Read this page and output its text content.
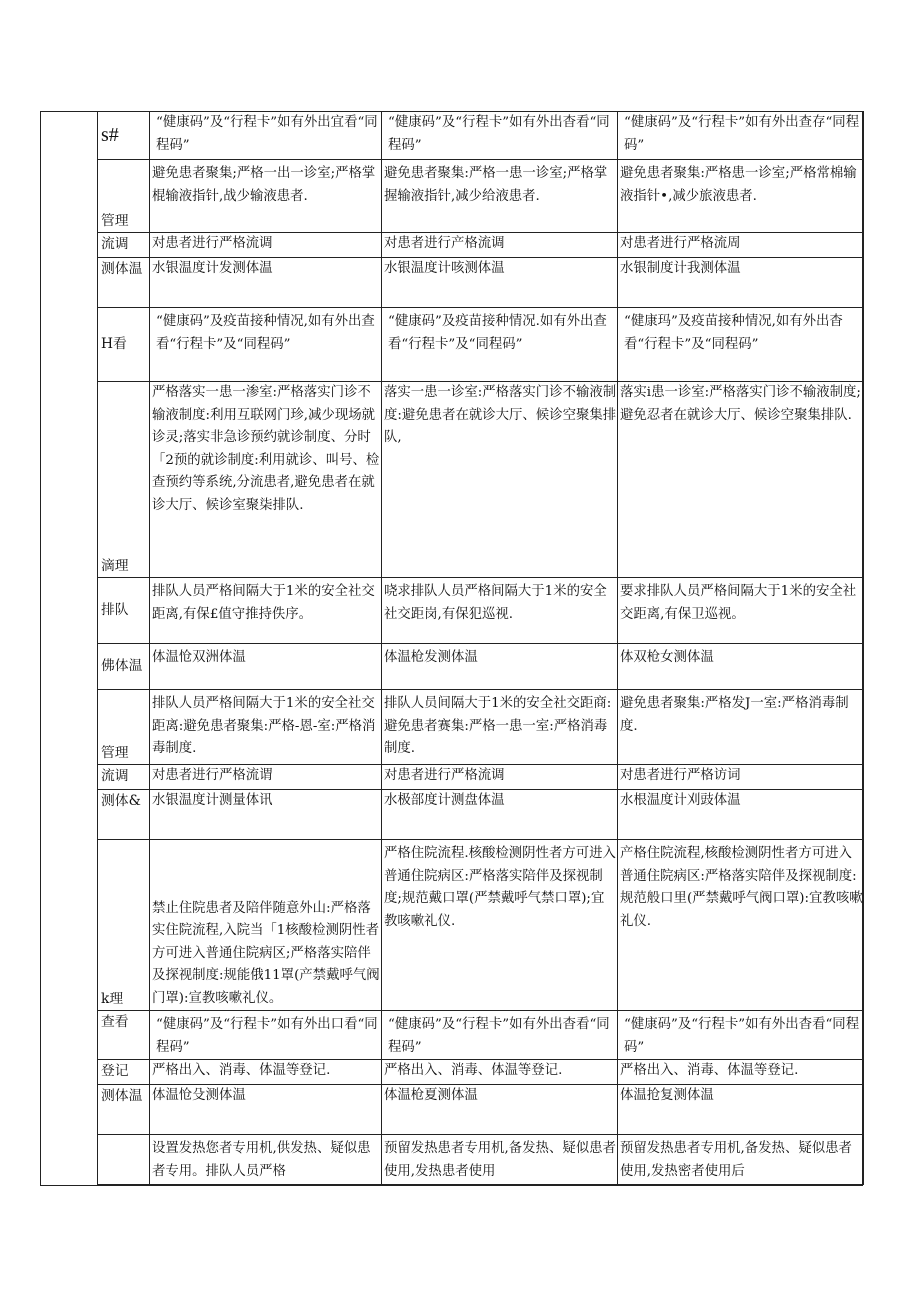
s#	“健康码”及“行程卡”如有外出宜看“同程码”	“健康码”及“行程卡”如有外出杳看“同程码”	“健康码”及“行程卡”如有外出查存“同程码”
管理	避免患者聚集;严格一出一诊室;严格掌棍输液指针,战少输液患者.	避免患者聚集:严格一患一诊室;严格掌握输液指针,减少给液患者.	避免患者聚集:严格患一诊室;严格常棉输液指针•,减少旅液患者.
流调	对患者进行严格流调	对患者进行产格流调	对患者进行严格流周
测体温	水银温度计发测体温	水银温度计咳测体温	水银制度计我测体温
H看	“健康码”及疫苗接种情况,如有外出查看“行程卡”及“同程码”	“健康码”及疫苗接种情况.如有外出查看“行程卡”及“同程码”	“健康玛”及疫苗接种情况,如有外出杳看“行程卡”及“同程码”
滴理	严格落实一患一渗室:严格落实门诊不输液制度:利用互联网门珍,减少现场就诊灵;落实非急诊预约就诊制度、分时「2预的就诊制度:利用就诊、叫号、检查预约等系统,分流患者,避免患者在就诊大厅、候诊室聚柒排队.	落实一患一诊室:严格落实门诊不输液制度:避免患者在就诊大厅、候诊空聚集排队,	落实i患一诊室:严格落实门诊不输液制度;避免忍者在就诊大厅、候诊空聚集排队.
排队	排队人员严格间隔大于1米的安全社交距离,有保£值守推持佚序。	哓求排队人员严格间隔大于1米的安全社交距岗,有保犯巡视.	要求排队人员严格间隔大于1米的安全社交距离,有保卫巡视。
佛体温	体温怆双洲体温	体温枪发测体温	体双枪女测体温
管理	排队人员严格间隔大于1米的安全社交距离:避免患者聚集:严格-恩-室:严格消毒制度.	排队人员间隔大于1米的安全社交距商:避免患者赛集:严格一患一室:严格消毒制度.	避免患者聚集:严格发J一室:严格消毒制度.
流调	对患者进行严格流谓	对患者进行严格流调	对患者进行严格访词
测体&	水银温度计测量体讯	水极部度计测盘体温	水根温度计刈豉体温
k理	禁止住院患者及陪伴随意外山:严格落实住院流程,入院当「1核酸检测阴性者方可进入普通住院病区;严格落实陪伴及探视制度:规能俄11罩(产禁戴呼气阀门罩):宣教咳嗽礼仪。	严格住院流程.核酸检测阴性者方可进入普通住院病区:严格落实陪伴及探视制度;规范戴口罩(严禁戴呼气禁口罩);宜教咳嗽礼仪.	产格住院流程,核酸检测阴性者方可进入普通住院病区:严格落实陪伴及探视制度:规范般口里(严禁戴呼气阀口罩):宜教咳嗽礼仪.
查看	“健康码”及“行程卡”如有外出口看“同程码”	“健康码”及“行程卡”如有外出杳看“同程码”	“健康码”及“行程卡”如有外出杳看“同程码”
登记	严格出入、消毒、体温等登记.	严格出入、消毒、体温等登记.	严格出入、消毒、体温等登记.
测体温	体温怆殳测体温	体温枪夏测体温	体温抢复测体温
	设置发热您者专用机,供发热、疑似患者专用。排队人员严格	预留发热患者专用机,备发热、疑似患者使用,发热患者使用	预留发热患者专用机,备发热、疑似患者使用,发热密者使用后
